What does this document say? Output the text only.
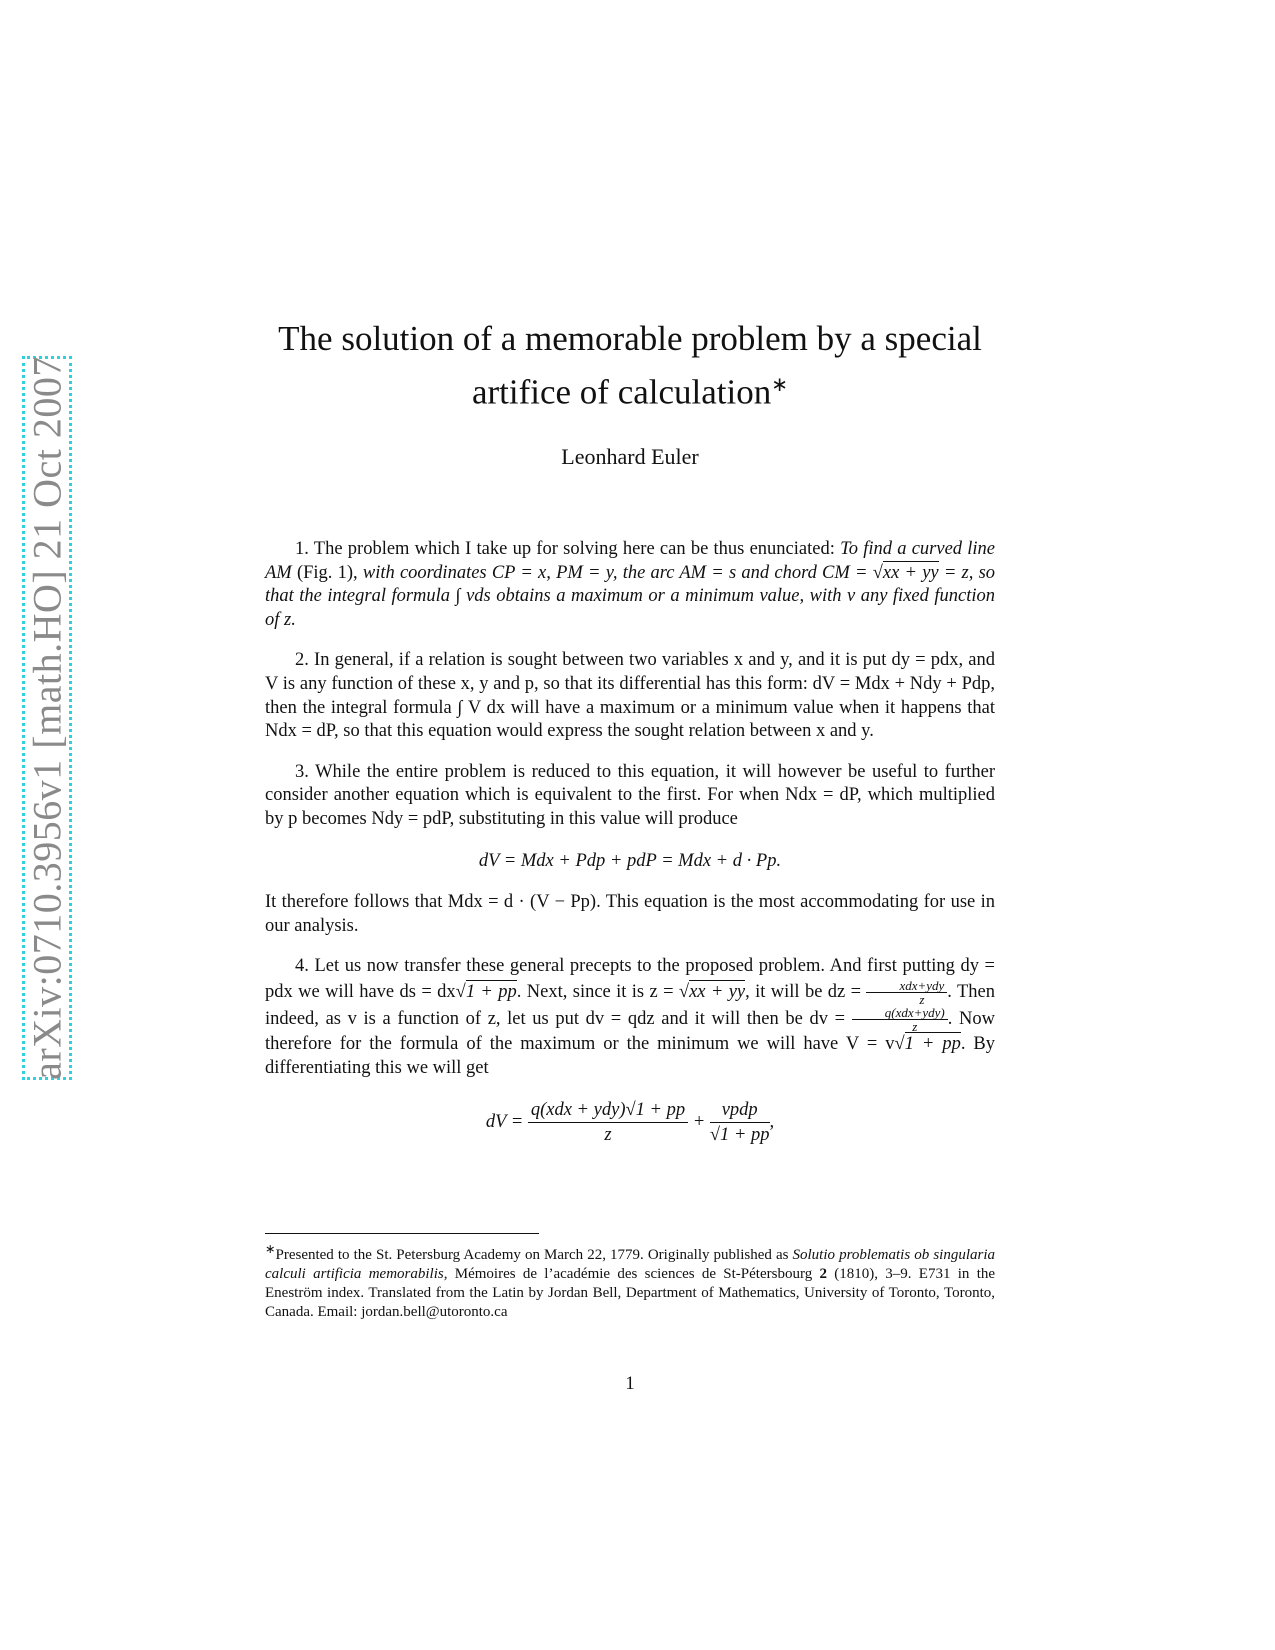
arXiv:0710.3956v1 [math.HO] 21 Oct 2007
The solution of a memorable problem by a special
artifice of calculation∗
Leonhard Euler

1. The problem which I take up for solving here can be thus enunciated: To find a curved line AM (Fig. 1), with coordinates CP = x, PM = y, the arc AM = s and chord CM = √xx + yy = z, so that the integral formula ∫ vds obtains a maximum or a minimum value, with v any fixed function of z.

2. In general, if a relation is sought between two variables x and y, and it is put dy = pdx, and V is any function of these x, y and p, so that its differential has this form: dV = Mdx + Ndy + Pdp, then the integral formula ∫ V dx will have a maximum or a minimum value when it happens that Ndx = dP, so that this equation would express the sought relation between x and y.

3. While the entire problem is reduced to this equation, it will however be useful to further consider another equation which is equivalent to the first. For when Ndx = dP, which multiplied by p becomes Ndy = pdP, substituting in this value will produce

dV = Mdx + Pdp + pdP = Mdx + d · Pp.

It therefore follows that Mdx = d · (V − Pp). This equation is the most accommodating for use in our analysis.

4. Let us now transfer these general precepts to the proposed problem. And first putting dy = pdx we will have ds = dx√1 + pp. Next, since it is z = √xx + yy, it will be dz = $\frac{\text{xdx+ydy}}{z}$ . Then indeed, as v is a function of z, let us put dv = qdz and it will then be dv = $\frac{\text{q(xdx+ydy)}}{z}$ . Now therefore for the formula of the maximum or the minimum we will have V = v√1 + pp. By differentiating this we will get

dV = $\frac{\text{q(xdx + ydy)√1 + pp}}{z} + \frac{\text{vpdp}}{√1 + pp}$ ,

∗Presented to the St. Petersburg Academy on March 22, 1779. Originally published as Solutio problematis ob singularia calculi artificia memorabilis, Mémoires de l’académie des sciences de St-Pétersbourg 2 (1810), 3–9. E731 in the Eneström index. Translated from the Latin by Jordan Bell, Department of Mathematics, University of Toronto, Toronto, Canada. Email: jordan.bell@utoronto.ca
1
